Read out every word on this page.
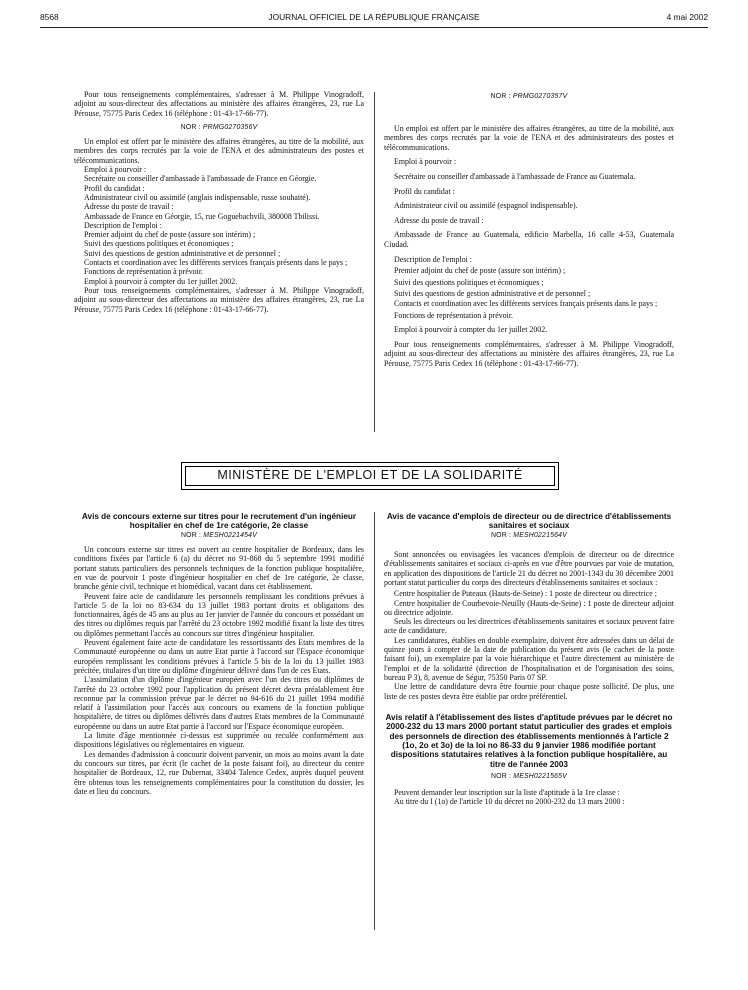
8568	JOURNAL OFFICIEL DE LA RÉPUBLIQUE FRANÇAISE	4 mai 2002

Pour tous renseignements complémentaires, s'adresser à M. Philippe Vinogradoff, adjoint au sous-directeur des affectations au ministère des affaires étrangères, 23, rue La Pérouse, 75775 Paris Cedex 16 (téléphone : 01-43-17-66-77).

NOR : PRMG0270356V

Un emploi est offert par le ministère des affaires étrangères, au titre de la mobilité, aux membres des corps recrutés par la voie de l'ENA et des administrateurs des postes et télécommunications.

Emploi à pourvoir :

Secrétaire ou conseiller d'ambassade à l'ambassade de France en Géorgie.

Profil du candidat :

Administrateur civil ou assimilé (anglais indispensable, russe souhaité).

Adresse du poste de travail :

Ambassade de France en Géorgie, 15, rue Goguebachvili, 380008 Tbilissi.

Description de l'emploi :

Premier adjoint du chef de poste (assure son intérim) ;

Suivi des questions politiques et économiques ;

Suivi des questions de gestion administrative et de personnel ;

Contacts et coordination avec les différents services français présents dans le pays ;

Fonctions de représentation à prévoir.

Emploi à pourvoir à compter du 1er juillet 2002.

Pour tous renseignements complémentaires, s'adresser à M. Philippe Vinogradoff, adjoint au sous-directeur des affectations au ministère des affaires étrangères, 23, rue La Pérouse, 75775 Paris Cedex 16 (téléphone : 01-43-17-66-77).

NOR : PRMG0270357V

Un emploi est offert par le ministère des affaires étrangères, au titre de la mobilité, aux membres des corps recrutés par la voie de l'ENA et des administrateurs des postes et télécommunications.

Emploi à pourvoir :

Secrétaire ou conseiller d'ambassade à l'ambassade de France au Guatemala.

Profil du candidat :

Administrateur civil ou assimilé (espagnol indispensable).

Adresse du poste de travail :

Ambassade de France au Guatemala, edificio Marbella, 16 calle 4-53, Guatemala Ciudad.

Description de l'emploi :

Premier adjoint du chef de poste (assure son intérim) ;

Suivi des questions politiques et économiques ;

Suivi des questions de gestion administrative et de personnel ;

Contacts et coordination avec les différents services français présents dans le pays ;

Fonctions de représentation à prévoir.

Emploi à pourvoir à compter du 1er juillet 2002.

Pour tous renseignements complémentaires, s'adresser à M. Philippe Vinogradoff, adjoint au sous-directeur des affectations au ministère des affaires étrangères, 23, rue La Pérouse, 75775 Paris Cedex 16 (téléphone : 01-43-17-66-77).

MINISTÈRE DE L'EMPLOI ET DE LA SOLIDARITÉ

Avis de concours externe sur titres pour le recrutement d'un ingénieur hospitalier en chef de 1re catégorie, 2e classe

NOR : MESH0221454V

Un concours externe sur titres est ouvert au centre hospitalier de Bordeaux, dans les conditions fixées par l'article 6 (a) du décret no 91-868 du 5 septembre 1991 modifié portant statuts particuliers des personnels techniques de la fonction publique hospitalière, en vue de pourvoir 1 poste d'ingénieur hospitalier en chef de 1re catégorie, 2e classe, branche génie civil, technique et biomédical, vacant dans cet établissement.

Peuvent faire acte de candidature les personnels remplissant les conditions prévues à l'article 5 de la loi no 83-634 du 13 juillet 1983 portant droits et obligations des fonctionnaires, âgés de 45 ans au plus au 1er janvier de l'année du concours et possédant un des titres ou diplômes requis par l'arrêté du 23 octobre 1992 modifié fixant la liste des titres ou diplômes permettant l'accès au concours sur titres d'ingénieur hospitalier.

Peuvent également faire acte de candidature les ressortissants des Etats membres de la Communauté européenne ou dans un autre Etat partie à l'accord sur l'Espace économique européen remplissant les conditions prévues à l'article 5 bis de la loi du 13 juillet 1983 précitée, titulaires d'un titre ou diplôme d'ingénieur délivré dans l'un de ces Etats.

L'assimilation d'un diplôme d'ingénieur européen avec l'un des titres ou diplômes de l'arrêté du 23 octobre 1992 pour l'application du présent décret devra préalablement être reconnue par la commission prévue par le décret no 94-616 du 21 juillet 1994 modifié relatif à l'assimilation pour l'accès aux concours ou examens de la fonction publique hospitalière, de titres ou diplômes délivrés dans d'autres Etats membres de la Communauté européenne ou dans un autre Etat partie à l'accord sur l'Espace économique européen.

La limite d'âge mentionnée ci-dessus est supprimée ou reculée conformément aux dispositions législatives ou réglementaires en vigueur.

Les demandes d'admission à concourir doivent parvenir, un mois au moins avant la date du concours sur titres, par écrit (le cachet de la poste faisant foi), au directeur du centre hospitalier de Bordeaux, 12, rue Dubernat, 33404 Talence Cedex, auprès duquel peuvent être obtenus tous les renseignements complémentaires pour la constitution du dossier, les date et lieu du concours.

Avis de vacance d'emplois de directeur ou de directrice d'établissements sanitaires et sociaux

NOR : MESH0221564V

Sont annoncées ou envisagées les vacances d'emplois de directeur ou de directrice d'établissements sanitaires et sociaux ci-après en vue d'être pourvues par voie de mutation, en application des dispositions de l'article 21 du décret no 2001-1343 du 30 décembre 2001 portant statut particulier du corps des directeurs d'établissements sanitaires et sociaux :

Centre hospitalier de Puteaux (Hauts-de-Seine) : 1 poste de directeur ou directrice ;

Centre hospitalier de Courbevoie-Neuilly (Hauts-de-Seine) : 1 poste de directeur adjoint ou directrice adjointe.

Seuls les directeurs ou les directrices d'établissements sanitaires et sociaux peuvent faire acte de candidature.

Les candidatures, établies en double exemplaire, doivent être adressées dans un délai de quinze jours à compter de la date de publication du présent avis (le cachet de la poste faisant foi), un exemplaire par la voie hiérarchique et l'autre directement au ministère de l'emploi et de la solidarité (direction de l'hospitalisation et de l'organisation des soins, bureau P 3), 8, avenue de Ségur, 75350 Paris 07 SP.

Une lettre de candidature devra être fournie pour chaque poste sollicité. De plus, une liste de ces postes devra être établie par ordre préférentiel.

Avis relatif à l'établissement des listes d'aptitude prévues par le décret no 2000-232 du 13 mars 2000 portant statut particulier des grades et emplois des personnels de direction des établissements mentionnés à l'article 2 (1o, 2o et 3o) de la loi no 86-33 du 9 janvier 1986 modifiée portant dispositions statutaires relatives à la fonction publique hospitalière, au titre de l'année 2003

NOR : MESH0221565V

Peuvent demander leur inscription sur la liste d'aptitude à la 1re classe :

Au titre du I (1o) de l'article 10 du décret no 2000-232 du 13 mars 2000 :
